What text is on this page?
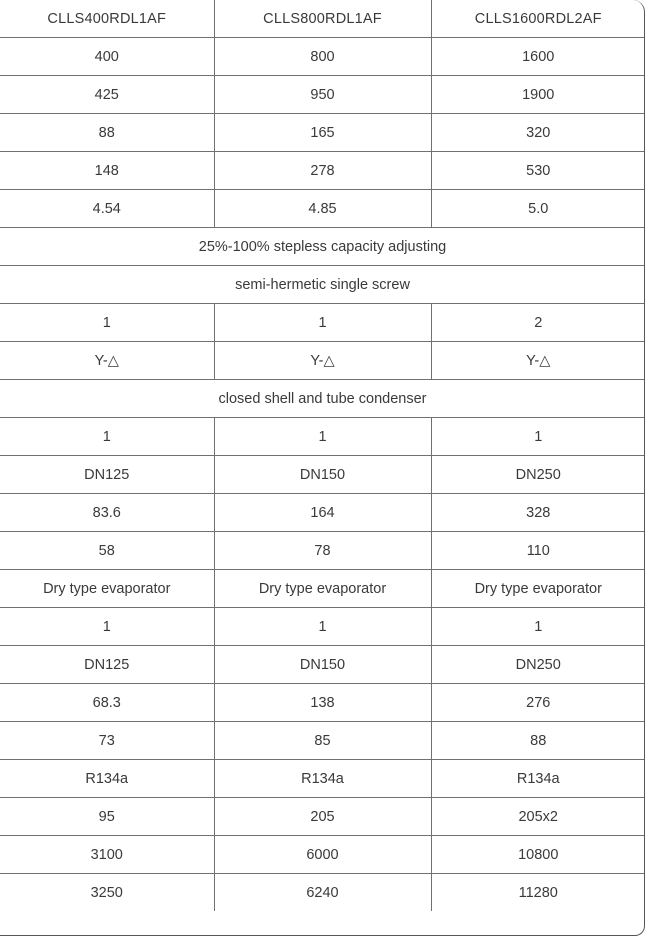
CLLS400RDL1AF	CLLS800RDL1AF	CLLS1600RDL2AF
400	800	1600
425	950	1900
88	165	320
148	278	530
4.54	4.85	5.0
25%-100% stepless capacity adjusting		
semi-hermetic single screw		
1	1	2
Y-△	Y-△	Y-△
closed shell and tube condenser		
1	1	1
DN125	DN150	DN250
83.6	164	328
58	78	110
Dry type evaporator	Dry type evaporator	Dry type evaporator
1	1	1
DN125	DN150	DN250
68.3	138	276
73	85	88
R134a	R134a	R134a
95	205	205x2
3100	6000	10800
3250	6240	11280
